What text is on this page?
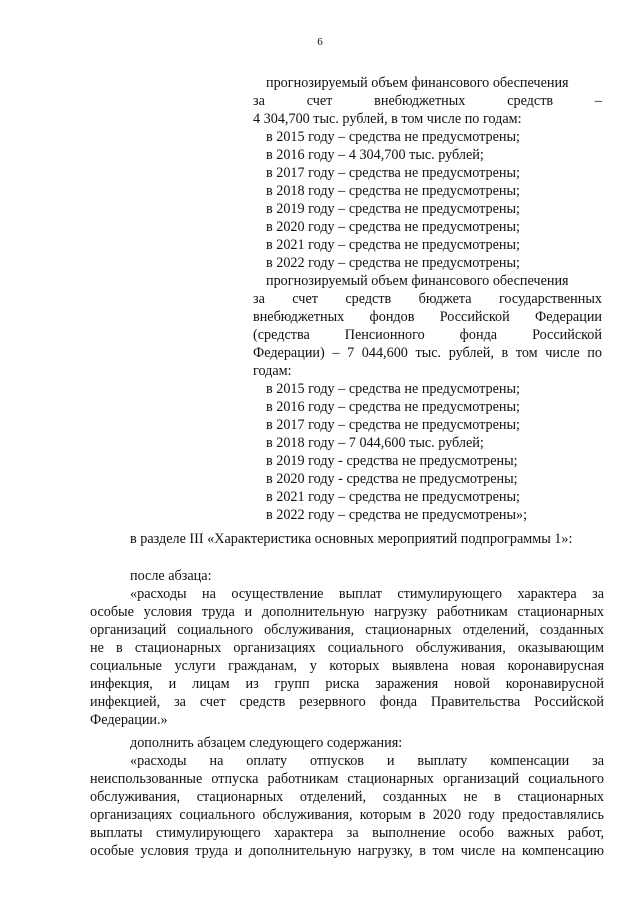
6
прогнозируемый объем финансового обеспечения
за счет внебюджетных средств –
4 304,700 тыс. рублей, в том числе по годам:
в 2015 году – средства не предусмотрены;
в 2016 году – 4 304,700 тыс. рублей;
в 2017 году – средства не предусмотрены;
в 2018 году – средства не предусмотрены;
в 2019 году – средства не предусмотрены;
в 2020 году – средства не предусмотрены;
в 2021 году – средства не предусмотрены;
в 2022 году – средства не предусмотрены;
прогнозируемый объем финансового обеспечения
за счет средств бюджета государственных
внебюджетных фондов Российской Федерации
(средства Пенсионного фонда Российской
Федерации) – 7 044,600 тыс. рублей, в том числе по
годам:
в 2015 году – средства не предусмотрены;
в 2016 году – средства не предусмотрены;
в 2017 году – средства не предусмотрены;
в 2018 году – 7 044,600 тыс. рублей;
в 2019 году - средства не предусмотрены;
в 2020 году - средства не предусмотрены;
в 2021 году – средства не предусмотрены;
в 2022 году – средства не предусмотрены»;
в разделе III «Характеристика основных мероприятий подпрограммы 1»:
после абзаца:
«расходы на осуществление выплат стимулирующего характера за
особые условия труда и дополнительную нагрузку работникам стационарных
организаций социального обслуживания, стационарных отделений, созданных
не в стационарных организациях социального обслуживания, оказывающим
социальные услуги гражданам, у которых выявлена новая коронавирусная
инфекция, и лицам из групп риска заражения новой коронавирусной
инфекцией, за счет средств резервного фонда Правительства Российской
Федерации.»
дополнить абзацем следующего содержания:
«расходы на оплату отпусков и выплату компенсации за
неиспользованные отпуска работникам стационарных организаций социального
обслуживания, стационарных отделений, созданных не в стационарных
организациях социального обслуживания, которым в 2020 году предоставлялись
выплаты стимулирующего характера за выполнение особо важных работ,
особые условия труда и дополнительную нагрузку, в том числе на компенсацию
